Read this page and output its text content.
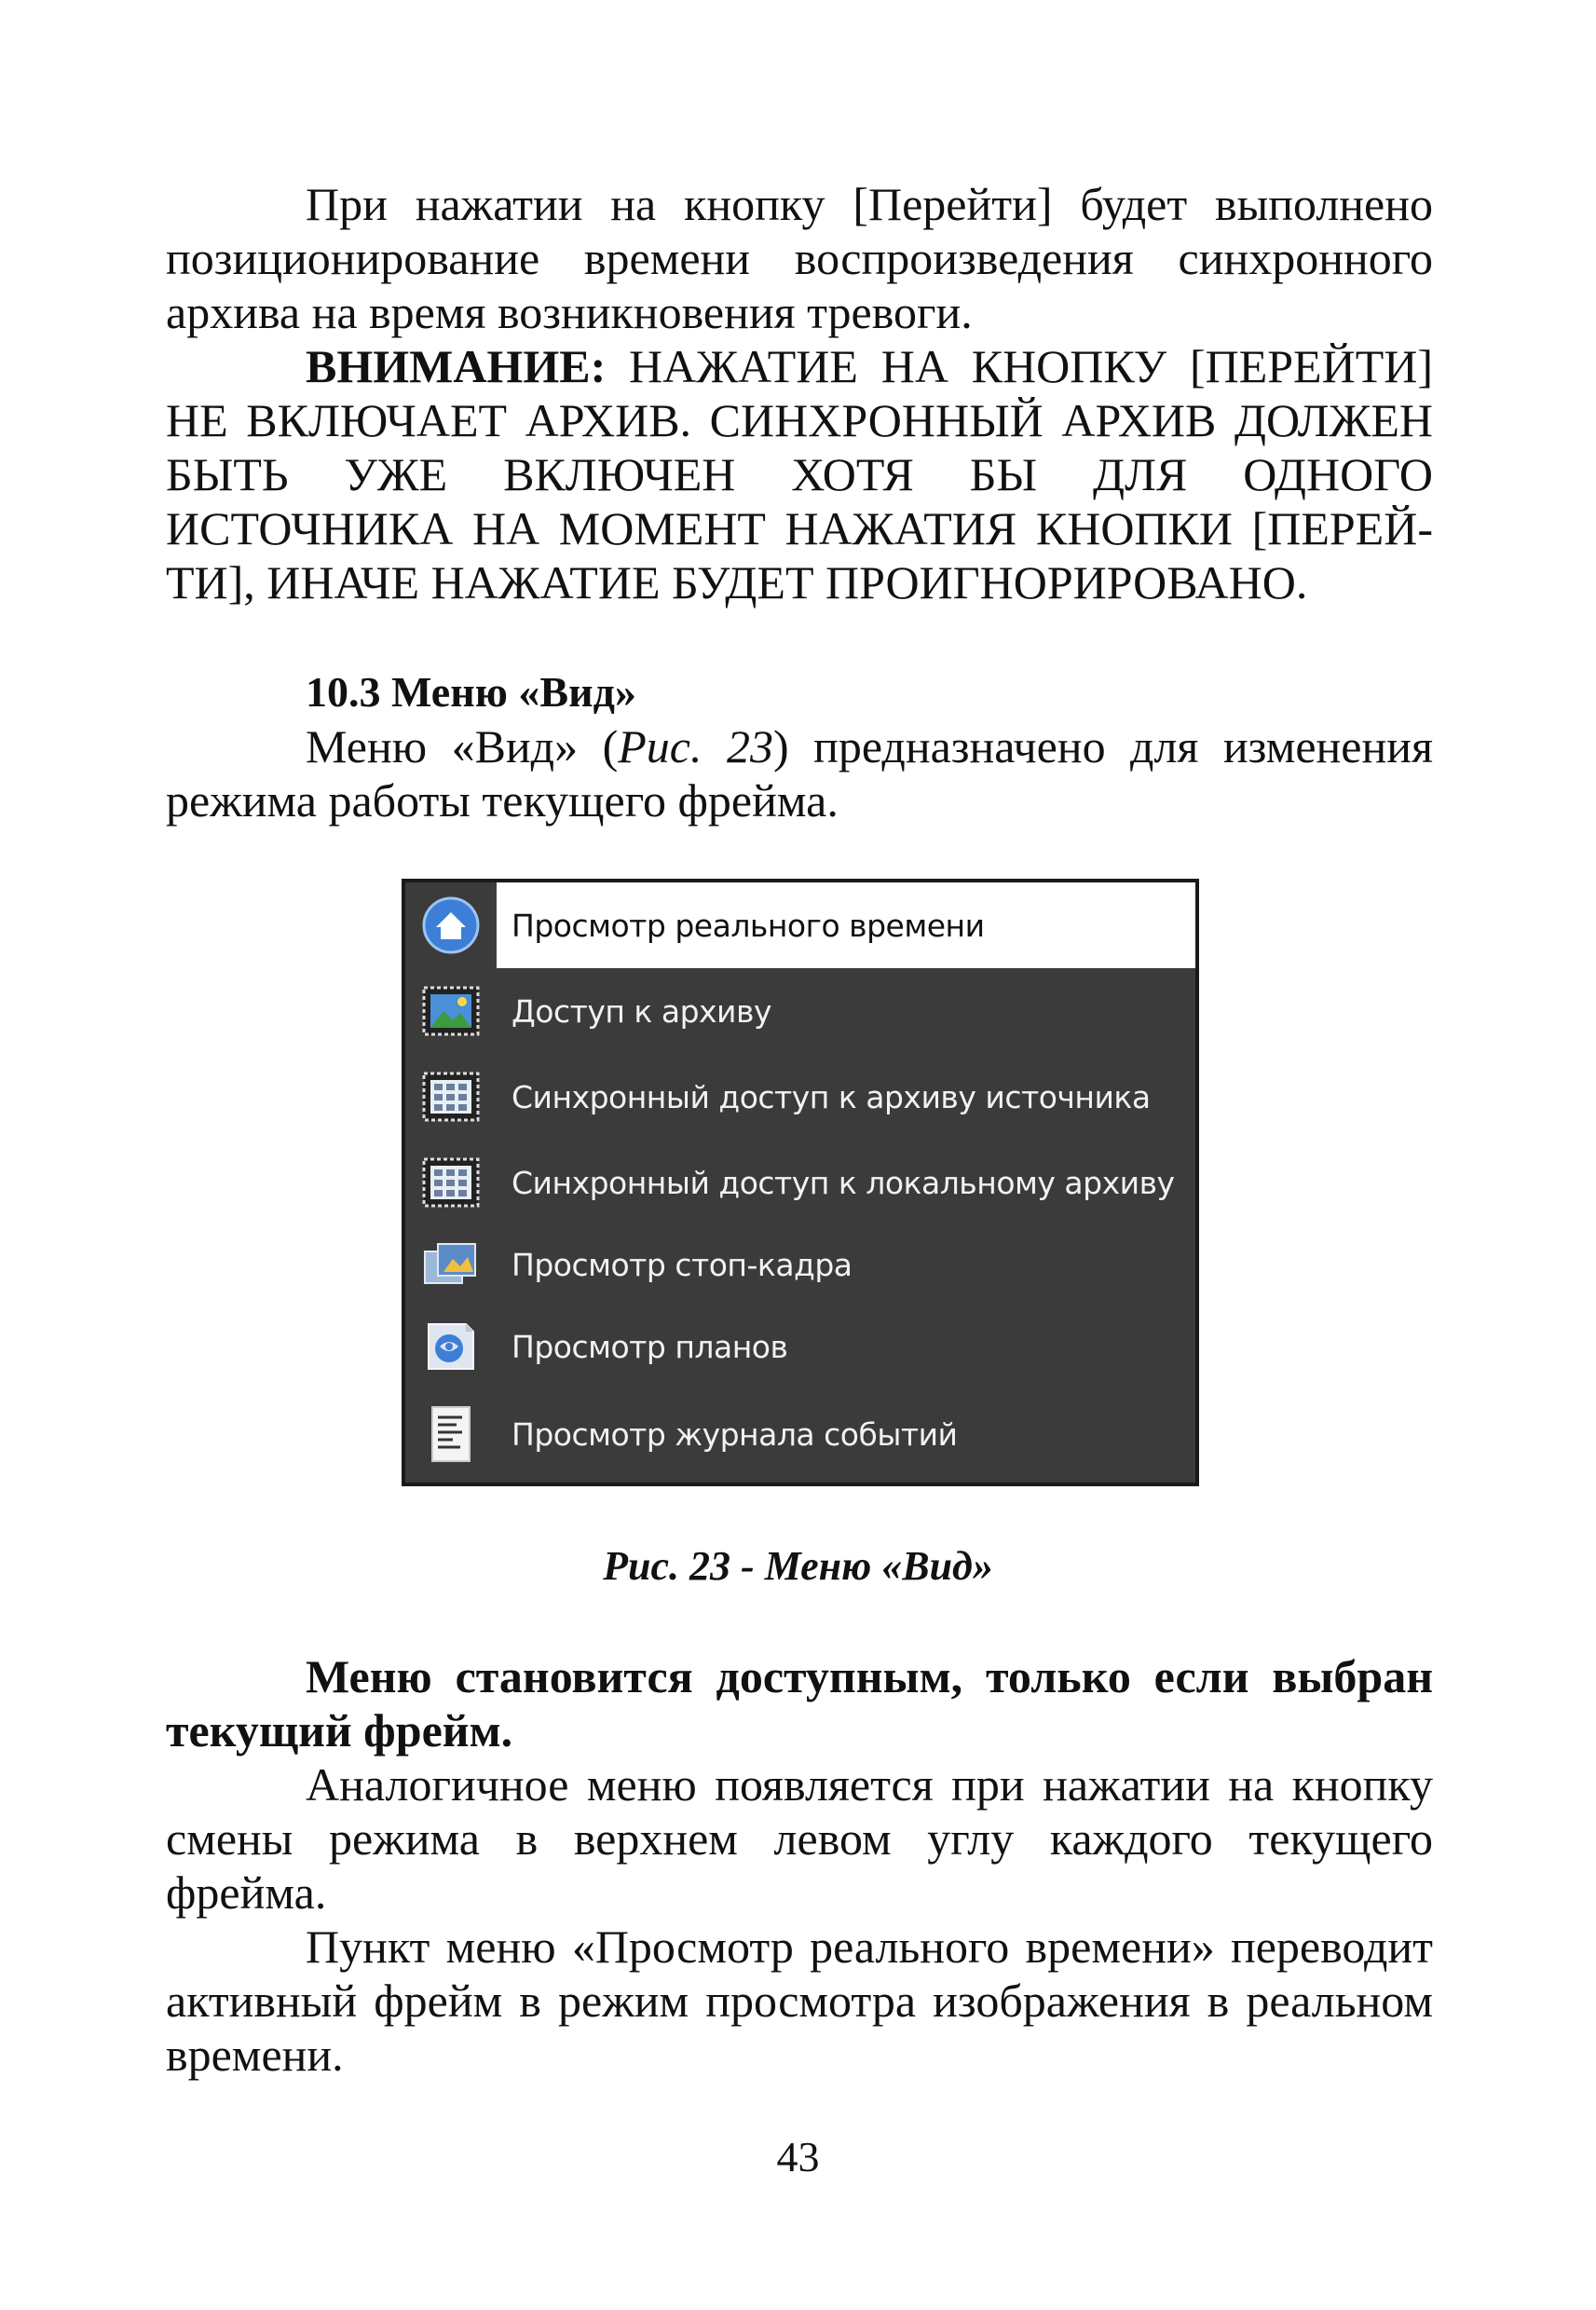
При нажатии на кнопку [Перейти] будет выполнено позиционирование времени воспроизведения синхронного архива на время возникновения тревоги.

ВНИМАНИЕ: НАЖАТИЕ НА КНОПКУ [ПЕРЕЙТИ] НЕ ВКЛЮЧАЕТ АРХИВ. СИНХРОННЫЙ АРХИВ ДОЛЖЕН БЫТЬ УЖЕ ВКЛЮЧЕН ХОТЯ БЫ ДЛЯ ОДНОГО ИСТОЧНИКА НА МОМЕНТ НАЖАТИЯ КНОПКИ [ПЕРЕЙ-ТИ], ИНАЧЕ НАЖАТИЕ БУДЕТ ПРОИГНОРИРОВАНО.

10.3 Меню «Вид»

Меню «Вид» (Рис. 23) предназначено для изменения режима работы текущего фрейма.

Просмотр реального времени
Доступ к архиву
Синхронный доступ к архиву источника
Синхронный доступ к локальному архиву
Просмотр стоп-кадра
Просмотр планов
Просмотр журнала событий
Рис. 23 - Меню «Вид»

Меню становится доступным, только если выбран текущий фрейм.

Аналогичное меню появляется при нажатии на кнопку смены режима в верхнем левом углу каждого текущего фрейма.

Пункт меню «Просмотр реального времени» переводит активный фрейм в режим просмотра изображения в реальном времени.

43
